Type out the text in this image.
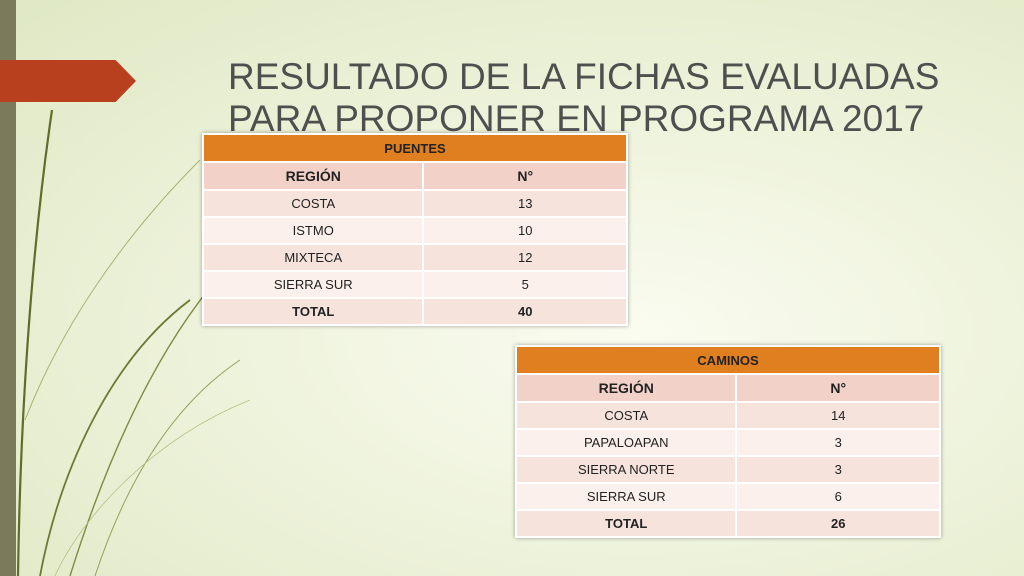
RESULTADO DE LA FICHAS EVALUADAS PARA PROPONER EN PROGRAMA 2017
PUENTES	
REGIÓN	N°
COSTA	13
ISTMO	10
MIXTECA	12
SIERRA SUR	5
TOTAL	40
CAMINOS	
REGIÓN	N°
COSTA	14
PAPALOAPAN	3
SIERRA NORTE	3
SIERRA SUR	6
TOTAL	26
